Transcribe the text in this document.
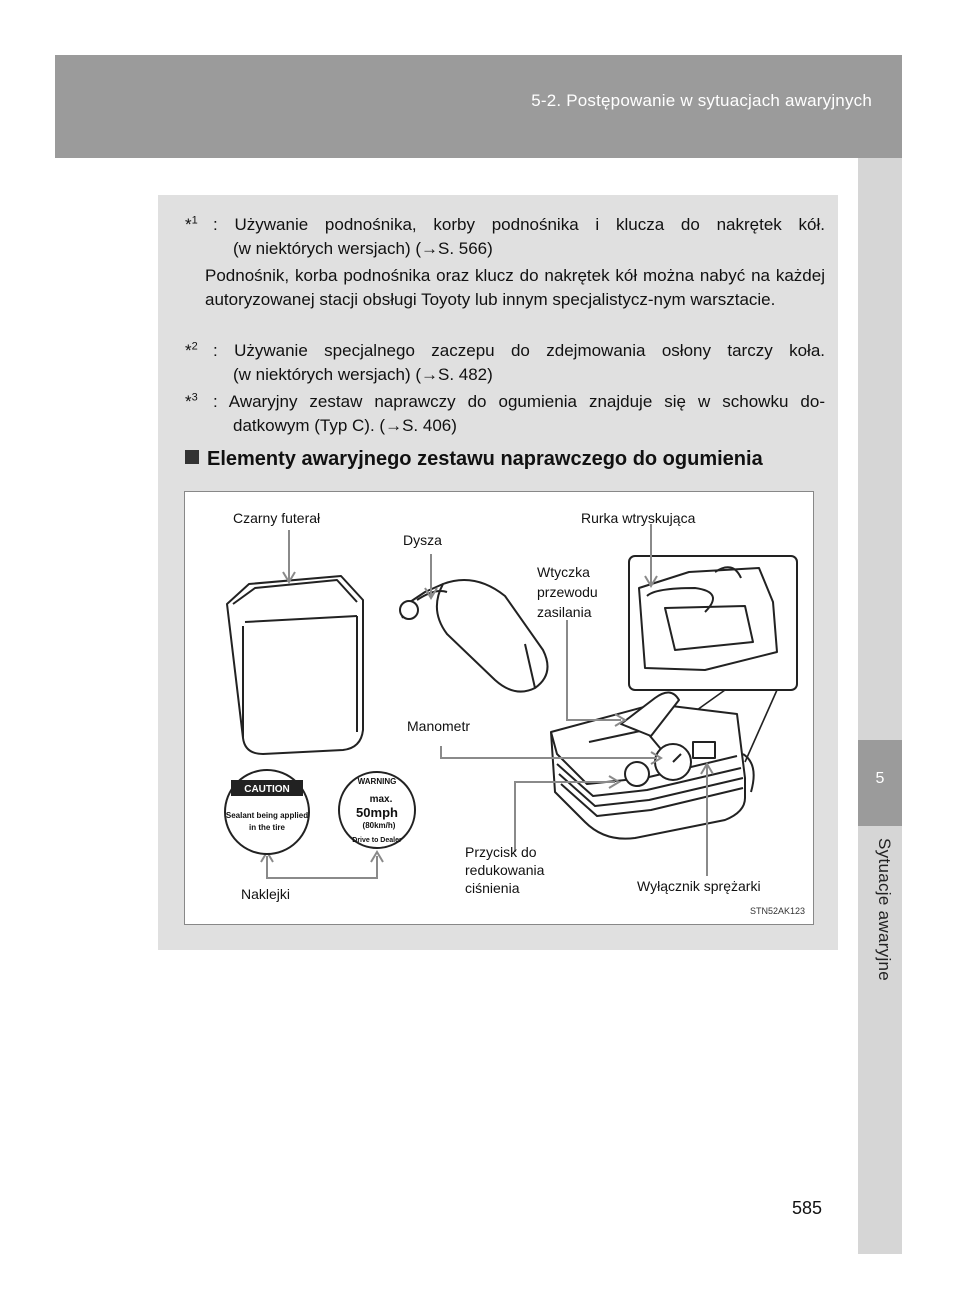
5-2. Postępowanie w sytuacjach awaryjnych
5
Sytuacje awaryjne
*$^1$ : Używanie podnośnika, korby podnośnika i klucza do nakrętek kół.
(w niektórych wersjach) (→S. 566)
Podnośnik, korba podnośnika oraz klucz do nakrętek kół można nabyć na każdej autoryzowanej stacji obsługi Toyoty lub innym specjalistycz-nym warsztacie.
*$^2$ : Używanie specjalnego zaczepu do zdejmowania osłony tarczy koła.
(w niektórych wersjach) (→S. 482)
*$^3$ : Awaryjny zestaw naprawczy do ogumienia znajduje się w schowku do-
datkowym (Typ C). (→S. 406)
Elementy awaryjnego zestawu naprawczego do ogumienia
CAUTION
Sealant being applied
in the tire
WARNING
max.
50mph
(80km/h)
Drive to Dealer
Czarny futerał
Dysza
Rurka wtryskująca
Wtyczka
przewodu
zasilania
Manometr
Przycisk do
redukowania
ciśnienia	Wyłącznik sprężarki
Naklejki
STN52AK123
585
